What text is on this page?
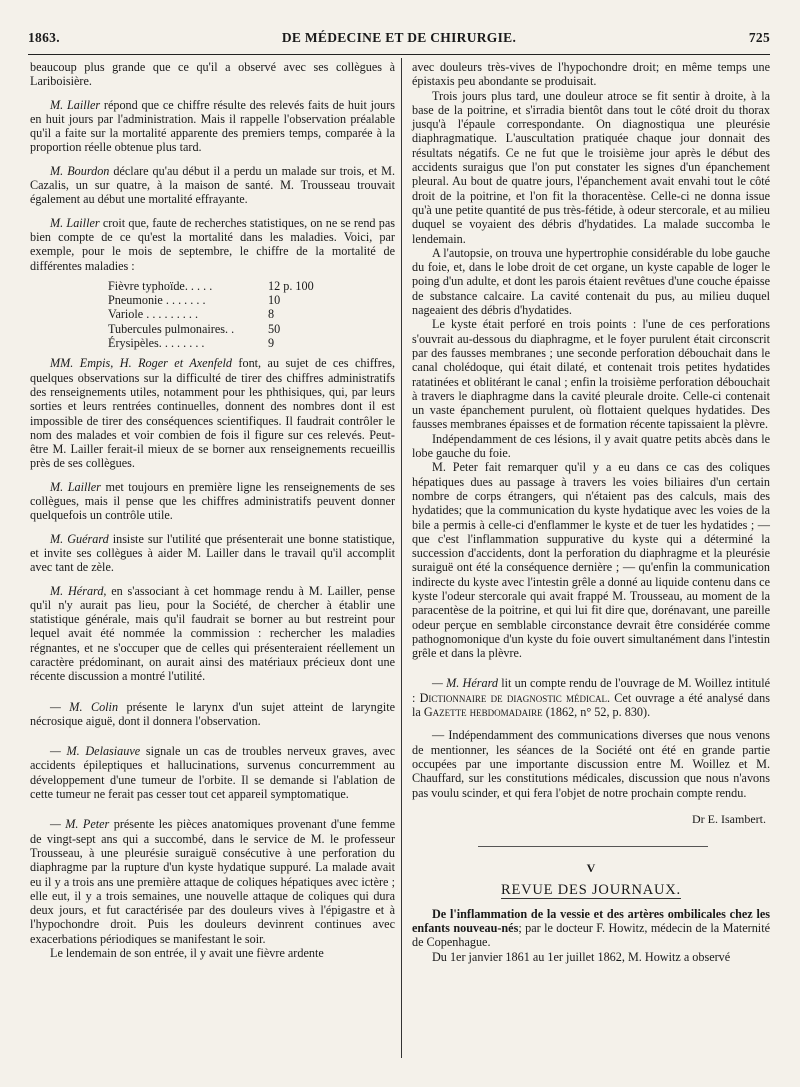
1863.	DE MÉDECINE ET DE CHIRURGIE.	725

beaucoup plus grande que ce qu'il a observé avec ses collègues à Lariboisière.

M. Lailler répond que ce chiffre résulte des relevés faits de huit jours en huit jours par l'administration. Mais il rappelle l'observation préalable qu'il a faite sur la mortalité apparente des premiers temps, comparée à la proportion réelle obtenue plus tard.

M. Bourdon déclare qu'au début il a perdu un malade sur trois, et M. Cazalis, un sur quatre, à la maison de santé. M. Trousseau trouvait également au début une mortalité effrayante.

M. Lailler croit que, faute de recherches statistiques, on ne se rend pas bien compte de ce qu'est la mortalité dans les maladies. Voici, par exemple, pour le mois de septembre, le chiffre de la mortalité de différentes maladies :

Fièvre typhoïde. . . . .	12 p. 100
Pneumonie . . . . . . .	10
Variole . . . . . . . . .	8
Tubercules pulmonaires. .	50
Érysipèles. . . . . . . .	9

MM. Empis, H. Roger et Axenfeld font, au sujet de ces chiffres, quelques observations sur la difficulté de tirer des chiffres administratifs des renseignements utiles, notamment pour les phthisiques, qui, par leurs sorties et leurs rentrées continuelles, donnent des nombres dont il est impossible de tirer des conséquences scientifiques. Il faudrait contrôler le nom des malades et voir combien de fois il figure sur ces relevés. Peut-être M. Lailler ferait-il mieux de se borner aux renseignements recueillis près de ses collègues.

M. Lailler met toujours en première ligne les renseignements de ses collègues, mais il pense que les chiffres administratifs peuvent donner quelquefois un contrôle utile.

M. Guérard insiste sur l'utilité que présenterait une bonne statistique, et invite ses collègues à aider M. Lailler dans le travail qu'il accomplit avec tant de zèle.

M. Hérard, en s'associant à cet hommage rendu à M. Lailler, pense qu'il n'y aurait pas lieu, pour la Société, de chercher à établir une statistique générale, mais qu'il faudrait se borner au but restreint pour lequel avait été nommée la commission : rechercher les maladies régnantes, et ne s'occuper que de celles qui présenteraient réellement un caractère prédominant, on aurait ainsi des matériaux précieux dont une récente discussion a montré l'utilité.

— M. Colin présente le larynx d'un sujet atteint de laryngite nécrosique aiguë, dont il donnera l'observation.

— M. Delasiauve signale un cas de troubles nerveux graves, avec accidents épileptiques et hallucinations, survenus concurremment au développement d'une tumeur de l'orbite. Il se demande si l'ablation de cette tumeur ne ferait pas cesser tout cet appareil symptomatique.

— M. Peter présente les pièces anatomiques provenant d'une femme de vingt-sept ans qui a succombé, dans le service de M. le professeur Trousseau, à une pleurésie suraiguë consécutive à une perforation du diaphragme par la rupture d'un kyste hydatique suppuré. La malade avait eu il y a trois ans une première attaque de coliques hépatiques avec ictère ; elle eut, il y a trois semaines, une nouvelle attaque de coliques qui dura deux jours, et fut caractérisée par des douleurs vives à l'épigastre et à l'hypochondre droit. Puis les douleurs devinrent continues avec exacerbations périodiques se manifestant le soir.

Le lendemain de son entrée, il y avait une fièvre ardente

avec douleurs très-vives de l'hypochondre droit; en même temps une épistaxis peu abondante se produisait.

Trois jours plus tard, une douleur atroce se fit sentir à droite, à la base de la poitrine, et s'irradia bientôt dans tout le côté droit du thorax jusqu'à l'épaule correspondante. On diagnostiqua une pleurésie diaphragmatique. L'auscultation pratiquée chaque jour donnait des résultats négatifs. Ce ne fut que le troisième jour après le début des accidents suraigus que l'on put constater les signes d'un épanchement pleural. Au bout de quatre jours, l'épanchement avait envahi tout le côté droit de la poitrine, et l'on fit la thoracentèse. Celle-ci ne donna issue qu'à une petite quantité de pus très-fétide, à odeur stercorale, et au milieu duquel se voyaient des débris d'hydatides. La malade succomba le lendemain.

A l'autopsie, on trouva une hypertrophie considérable du lobe gauche du foie, et, dans le lobe droit de cet organe, un kyste capable de loger le poing d'un adulte, et dont les parois étaient revêtues d'une couche épaisse de substance calcaire. La cavité contenait du pus, au milieu duquel nageaient des débris d'hydatides.

Le kyste était perforé en trois points : l'une de ces perforations s'ouvrait au-dessous du diaphragme, et le foyer purulent était circonscrit par des fausses membranes ; une seconde perforation débouchait dans le canal cholédoque, qui était dilaté, et contenait trois petites hydatides ratatinées et oblitérant le canal ; enfin la troisième perforation débouchait à travers le diaphragme dans la cavité pleurale droite. Celle-ci contenait un vaste épanchement purulent, où flottaient quelques hydatides. Des fausses membranes épaisses et de formation récente tapissaient la plèvre.

Indépendamment de ces lésions, il y avait quatre petits abcès dans le lobe gauche du foie.

M. Peter fait remarquer qu'il y a eu dans ce cas des coliques hépatiques dues au passage à travers les voies biliaires d'un certain nombre de corps étrangers, qui n'étaient pas des calculs, mais des hydatides; que la communication du kyste hydatique avec les voies de la bile a permis à celle-ci d'enflammer le kyste et de tuer les hydatides ; — que c'est l'inflammation suppurative du kyste qui a déterminé la succession d'accidents, dont la perforation du diaphragme et la pleurésie suraiguë ont été la conséquence dernière ; — qu'enfin la communication indirecte du kyste avec l'intestin grêle a donné au liquide contenu dans ce kyste l'odeur stercorale qui avait frappé M. Trousseau, au moment de la paracentèse de la poitrine, et qui lui fit dire que, dorénavant, une pareille odeur perçue en semblable circonstance devrait être considérée comme pathognomonique d'un kyste du foie ouvert simultanément dans l'intestin grêle et dans la plèvre.

— M. Hérard lit un compte rendu de l'ouvrage de M. Woillez intitulé : Dictionnaire de diagnostic médical. Cet ouvrage a été analysé dans la Gazette hebdomadaire (1862, n° 52, p. 830).

— Indépendamment des communications diverses que nous venons de mentionner, les séances de la Société ont été en grande partie occupées par une importante discussion entre M. Woillez et M. Chauffard, sur les constitutions médicales, discussion que nous n'avons pas voulu scinder, et qui fera l'objet de notre prochain compte rendu.

Dr E. Isambert.
V
REVUE DES JOURNAUX.

De l'inflammation de la vessie et des artères ombilicales chez les enfants nouveau-nés; par le docteur F. Howitz, médecin de la Maternité de Copenhague.

Du 1er janvier 1861 au 1er juillet 1862, M. Howitz a observé
